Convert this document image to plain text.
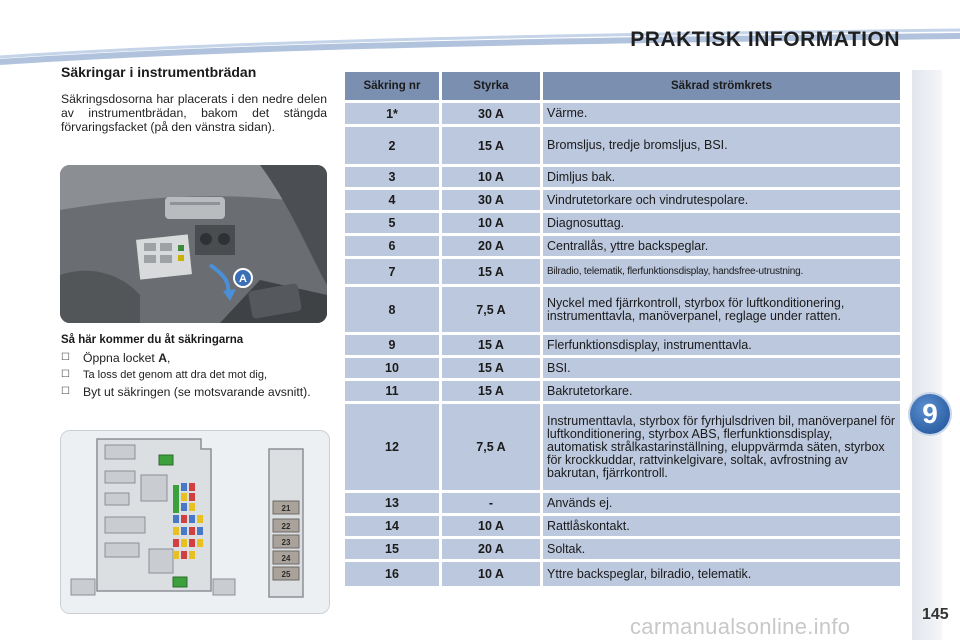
PRAKTISK INFORMATION
9
145
carmanualsonline.info
Säkringar i instrumentbrädan
Säkringsdosorna har placerats i den nedre delen av instrumentbrädan, bakom det stängda förvaringsfacket (på den vänstra sidan).
A
Så här kommer du åt säkringarna
☐	Öppna locket A,
☐	Ta loss det genom att dra det mot dig,
☐	Byt ut säkringen (se motsvarande avsnitt).
21
22
23
24
25
Säkring nr	Styrka	Säkrad strömkrets
1*	30 A	Värme.
2	15 A	Bromsljus, tredje bromsljus, BSI.
3	10 A	Dimljus bak.
4	30 A	Vindrutetorkare och vindrutespolare.
5	10 A	Diagnosuttag.
6	20 A	Centrallås, yttre backspeglar.
7	15 A	Bilradio, telematik, flerfunktionsdisplay, handsfree-utrustning.
8	7,5 A	Nyckel med fjärrkontroll, styrbox för luftkonditionering, instrumenttavla, manöverpanel, reglage under ratten.
9	15 A	Flerfunktionsdisplay, instrumenttavla.
10	15 A	BSI.
11	15 A	Bakrutetorkare.
12	7,5 A	Instrumenttavla, styrbox för fyrhjulsdriven bil, manöverpanel för luftkonditionering, styrbox ABS, flerfunktionsdisplay, automatisk strålkastarinställning, eluppvärmda säten, styrbox för krockkuddar, rattvinkelgivare, soltak, avfrostning av bakrutan, fjärrkontroll.
13	-	Används ej.
14	10 A	Rattlåskontakt.
15	20 A	Soltak.
16	10 A	Yttre backspeglar, bilradio, telematik.
